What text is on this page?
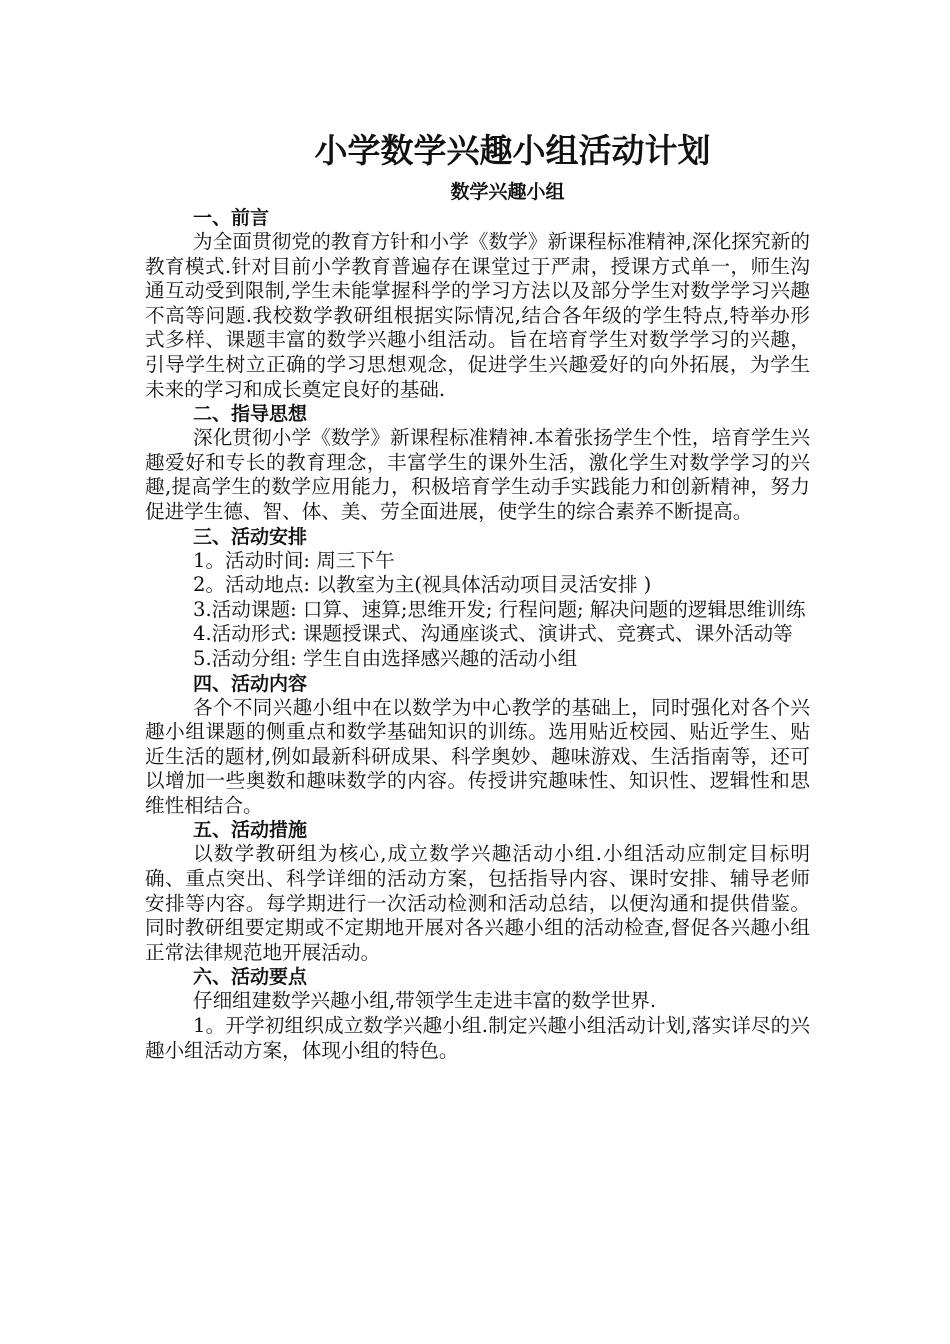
小学数学兴趣小组活动计划
数学兴趣小组
一、前言

为全面贯彻党的教育方针和小学《数学》新课程标准精神,深化探究新的教育模式.针对目前小学教育普遍存在课堂过于严肃，授课方式单一，师生沟通互动受到限制,学生未能掌握科学的学习方法以及部分学生对数学学习兴趣不高等问题.我校数学教研组根据实际情况,结合各年级的学生特点,特举办形式多样、课题丰富的数学兴趣小组活动。旨在培育学生对数学学习的兴趣，引导学生树立正确的学习思想观念，促进学生兴趣爱好的向外拓展，为学生未来的学习和成长奠定良好的基础.

二、指导思想

深化贯彻小学《数学》新课程标准精神.本着张扬学生个性，培育学生兴趣爱好和专长的教育理念，丰富学生的课外生活，激化学生对数学学习的兴趣,提高学生的数学应用能力，积极培育学生动手实践能力和创新精神，努力促进学生德、智、体、美、劳全面进展，使学生的综合素养不断提高。

三、活动安排

1。活动时间: 周三下午

2。活动地点: 以教室为主(视具体活动项目灵活安排 )

3.活动课题: 口算、速算;思维开发; 行程问题; 解决问题的逻辑思维训练

4.活动形式: 课题授课式、沟通座谈式、演讲式、竞赛式、课外活动等

5.活动分组: 学生自由选择感兴趣的活动小组

四、活动内容

各个不同兴趣小组中在以数学为中心教学的基础上，同时强化对各个兴趣小组课题的侧重点和数学基础知识的训练。选用贴近校园、贴近学生、贴近生活的题材,例如最新科研成果、科学奥妙、趣味游戏、生活指南等，还可以增加一些奥数和趣味数学的内容。传授讲究趣味性、知识性、逻辑性和思维性相结合。

五、活动措施

以数学教研组为核心,成立数学兴趣活动小组.小组活动应制定目标明确、重点突出、科学详细的活动方案，包括指导内容、课时安排、辅导老师安排等内容。每学期进行一次活动检测和活动总结，以便沟通和提供借鉴。同时教研组要定期或不定期地开展对各兴趣小组的活动检查,督促各兴趣小组正常法律规范地开展活动。

六、活动要点

仔细组建数学兴趣小组,带领学生走进丰富的数学世界.

1。开学初组织成立数学兴趣小组.制定兴趣小组活动计划,落实详尽的兴趣小组活动方案，体现小组的特色。
